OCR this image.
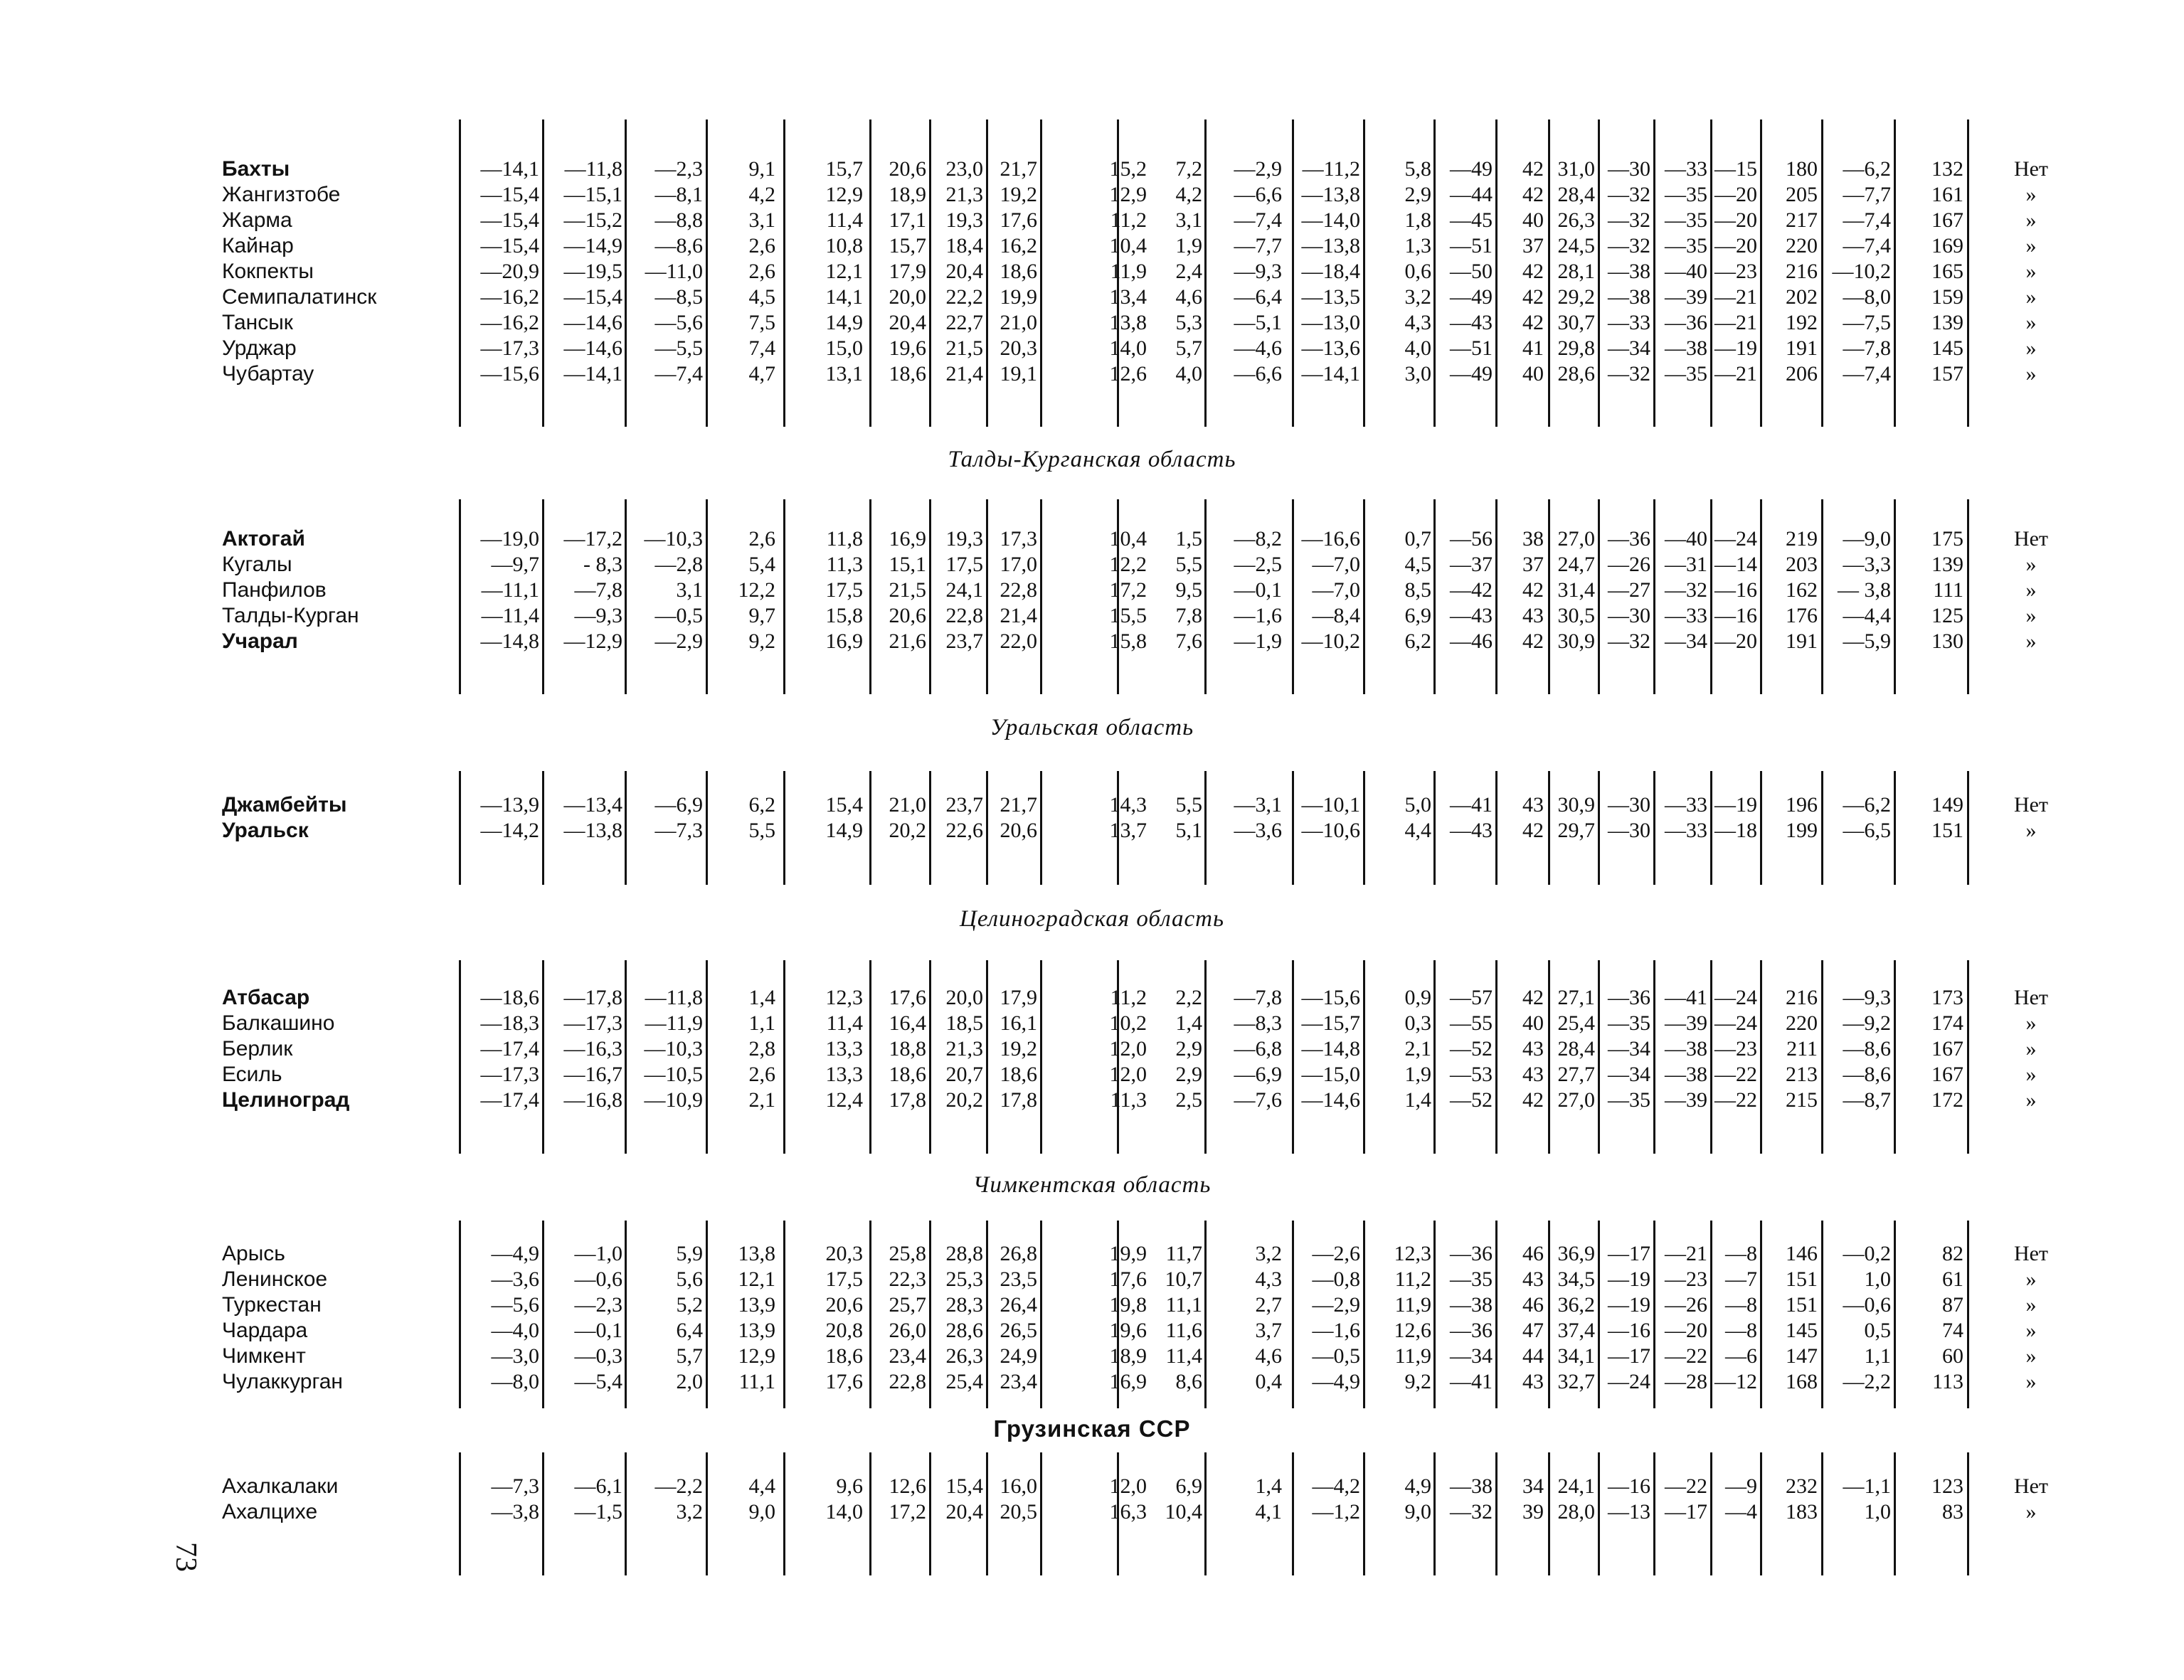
Бахты	—14,1 —11,8 —2,3 9,1 15,7 20,6 23,0 21,7	15,2 7,2 —2,9 —11,2 5,8 —49 42 31,0 —30 —33 —15 180 —6,2 132	Нет
Жангизтобе	—15,4 —15,1 —8,1 4,2 12,9 18,9 21,3 19,2	12,9 4,2 —6,6 —13,8 2,9 —44 42 28,4 —32 —35 —20 205 —7,7 161	»
Жарма	—15,4 —15,2 —8,8 3,1 11,4 17,1 19,3 17,6	11,2 3,1 —7,4 —14,0 1,8 —45 40 26,3 —32 —35 —20 217 —7,4 167	»
Кайнар	—15,4 —14,9 —8,6 2,6 10,8 15,7 18,4 16,2	10,4 1,9 —7,7 —13,8 1,3 —51 37 24,5 —32 —35 —20 220 —7,4 169	»
Кокпекты	—20,9 —19,5 —11,0 2,6 12,1 17,9 20,4 18,6	11,9 2,4 —9,3 —18,4 0,6 —50 42 28,1 —38 —40 —23 216 —10,2 165	»
Семипалатинск	—16,2 —15,4 —8,5 4,5 14,1 20,0 22,2 19,9	13,4 4,6 —6,4 —13,5 3,2 —49 42 29,2 —38 —39 —21 202 —8,0 159	»
Тансык	—16,2 —14,6 —5,6 7,5 14,9 20,4 22,7 21,0	13,8 5,3 —5,1 —13,0 4,3 —43 42 30,7 —33 —36 —21 192 —7,5 139	»
Урджар	—17,3 —14,6 —5,5 7,4 15,0 19,6 21,5 20,3	14,0 5,7 —4,6 —13,6 4,0 —51 41 29,8 —34 —38 —19 191 —7,8 145	»
Чубартау	—15,6 —14,1 —7,4 4,7 13,1 18,6 21,4 19,1	12,6 4,0 —6,6 —14,1 3,0 —49 40 28,6 —32 —35 —21 206 —7,4 157	»
Талды-Курганская область
Актогай	—19,0 —17,2 —10,3 2,6 11,8 16,9 19,3 17,3	10,4 1,5 —8,2 —16,6 0,7 —56 38 27,0 —36 —40 —24 219 —9,0 175	Нет
Кугалы	—9,7 - 8,3 —2,8 5,4 11,3 15,1 17,5 17,0	12,2 5,5 —2,5 —7,0 4,5 —37 37 24,7 —26 —31 —14 203 —3,3 139	»
Панфилов	—11,1 —7,8	3,1 12,2 17,5 21,5 24,1 22,8	17,2 9,5 —0,1 —7,0 8,5 —42 42 31,4 —27 —32 —16 162 — 3,8 111	»
Талды-Курган	—11,4 —9,3 —0,5 9,7 15,8 20,6 22,8 21,4	15,5 7,8 —1,6 —8,4 6,9 —43 43 30,5 —30 —33 —16 176 —4,4 125	»
Учарал	—14,8 —12,9 —2,9 9,2 16,9 21,6 23,7 22,0	15,8 7,6 —1,9 —10,2 6,2 —46 42 30,9 —32 —34 —20 191 —5,9 130	»
Уральская область
Джамбейты	—13,9 —13,4 —6,9 6,2 15,4 21,0 23,7 21,7	14,3 5,5 —3,1 —10,1 5,0 —41 43 30,9 —30 —33 —19 196 —6,2 149	Нет
Уральск	—14,2 —13,8 —7,3 5,5 14,9 20,2 22,6 20,6	13,7 5,1 —3,6 —10,6 4,4 —43 42 29,7 —30 —33 —18 199 —6,5 151	»
Целиноградская область
Атбасар	—18,6 —17,8 —11,8 1,4 12,3 17,6 20,0 17,9	11,2 2,2 —7,8 —15,6 0,9 —57 42 27,1 —36 —41 —24 216 —9,3 173	Нет
Балкашино	—18,3 —17,3 —11,9 1,1 11,4 16,4 18,5 16,1	10,2 1,4 —8,3 —15,7 0,3 —55 40 25,4 —35 —39 —24 220 —9,2 174	»
Берлик	—17,4 —16,3 —10,3 2,8 13,3 18,8 21,3 19,2	12,0 2,9 —6,8 —14,8 2,1 —52 43 28,4 —34 —38 —23 211 —8,6 167	»
Есиль	—17,3 —16,7 —10,5 2,6 13,3 18,6 20,7 18,6	12,0 2,9 —6,9 —15,0 1,9 —53 43 27,7 —34 —38 —22 213 —8,6 167	»
Целиноград	—17,4 —16,8 —10,9 2,1 12,4 17,8 20,2 17,8	11,3 2,5 —7,6 —14,6 1,4 —52 42 27,0 —35 —39 —22 215 —8,7 172	»
Чимкентская область
Арысь	—4,9 —1,0	5,9 13,8 20,3 25,8 28,8 26,8	19,9 11,7 3,2 —2,6 12,3 —36 46 36,9 —17 —21 —8 146 —0,2 82	Нет
Ленинское	—3,6 —0,6	5,6 12,1 17,5 22,3 25,3 23,5	17,6 10,7 4,3 —0,8 11,2 —35 43 34,5 —19 —23 —7 151 1,0 61	»
Туркестан	—5,6 —2,3	5,2 13,9 20,6 25,7 28,3 26,4	19,8 11,1 2,7 —2,9 11,9 —38 46 36,2 —19 —26 —8 151 —0,6 87	»
Чардара	—4,0 —0,1	6,4 13,9 20,8 26,0 28,6 26,5	19,6 11,6 3,7 —1,6 12,6 —36 47 37,4 —16 —20 —8 145 0,5 74	»
Чимкент	—3,0 —0,3	5,7 12,9 18,6 23,4 26,3 24,9	18,9 11,4 4,6 —0,5 11,9 —34 44 34,1 —17 —22 —6 147 1,1 60	»
Чулаккурган	—8,0 —5,4	2,0 11,1 17,6 22,8 25,4 23,4	16,9 8,6 0,4 —4,9 9,2 —41 43 32,7 —24 —28 —12 168 —2,2 113	»
Грузинская ССР
Ахалкалаки	—7,3 —6,1 —2,2 4,4	9,6 12,6 15,4 16,0	12,0 6,9 1,4 —4,2 4,9 —38 34 24,1 —16 —22 —9 232 —1,1 123	Нет
Ахалцихе	—3,8 —1,5	3,2 9,0 14,0 17,2 20,4 20,5	16,3 10,4 4,1 —1,2 9,0 —32 39 28,0 —13 —17 —4 183 1,0 83	»
73
